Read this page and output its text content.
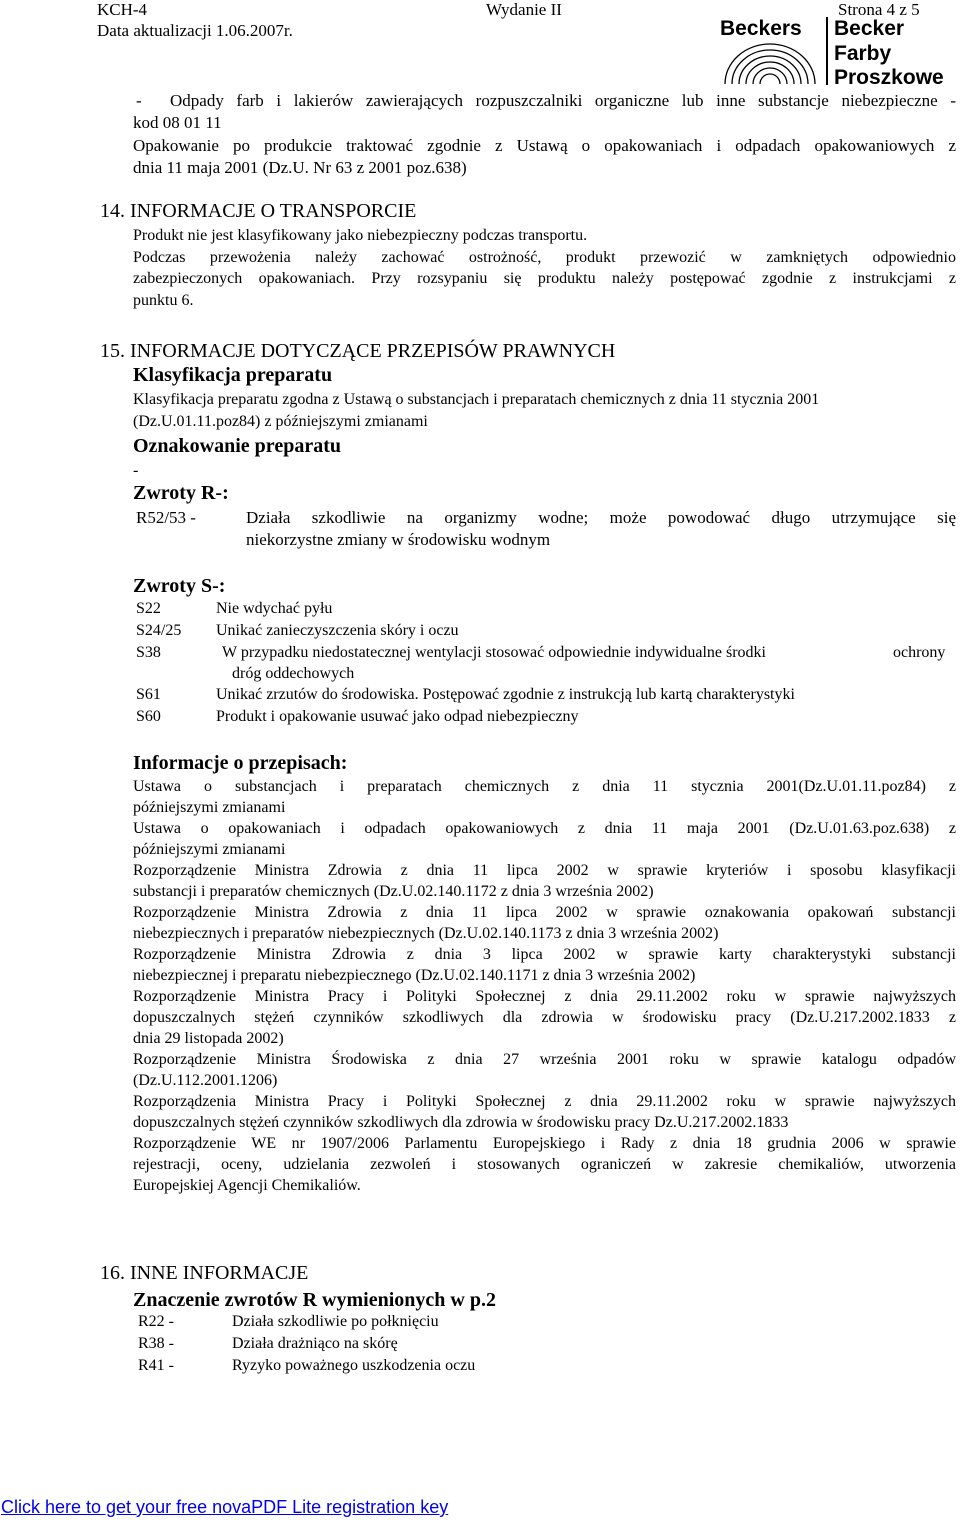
KCH-4	Wydanie II	Strona 4 z 5
Data aktualizacji 1.06.2007r.	Beckers Becker
Farby
Proszkowe
- Odpady farb i lakierów zawierających rozpuszczalniki organiczne lub inne substancje niebezpieczne -
kod 08 01 11
Opakowanie po produkcie traktować zgodnie z Ustawą o opakowaniach i odpadach opakowaniowych z
dnia 11 maja 2001 (Dz.U. Nr 63 z 2001 poz.638)
14. INFORMACJE O TRANSPORCIE
Produkt nie jest klasyfikowany jako niebezpieczny podczas transportu.
Podczas przewożenia należy zachować ostrożność, produkt przewozić w zamkniętych odpowiednio
zabezpieczonych opakowaniach. Przy rozsypaniu się produktu należy postępować zgodnie z instrukcjami z
punktu 6.
15. INFORMACJE DOTYCZĄCE PRZEPISÓW PRAWNYCH
Klasyfikacja preparatu
Klasyfikacja preparatu zgodna z Ustawą o substancjach i preparatach chemicznych z dnia 11 stycznia 2001
(Dz.U.01.11.poz84) z późniejszymi zmianami
Oznakowanie preparatu
-
Zwroty R-:
R52/53 -	Działa szkodliwie na organizmy wodne; może powodować długo utrzymujące się
niekorzystne zmiany w środowisku wodnym
Zwroty S-:
S22	Nie wdychać pyłu
S24/25 Unikać zanieczyszczenia skóry i oczu
S38	W przypadku niedostatecznej wentylacji stosować odpowiednie indywidualne środki	ochrony
dróg oddechowych
S61	Unikać zrzutów do środowiska. Postępować zgodnie z instrukcją lub kartą charakterystyki
S60	Produkt i opakowanie usuwać jako odpad niebezpieczny
Informacje o przepisach:

Ustawa o substancjach i preparatach chemicznych z dnia 11 stycznia 2001(Dz.U.01.11.poz84) z
późniejszymi zmianami

Ustawa o opakowaniach i odpadach opakowaniowych z dnia 11 maja 2001 (Dz.U.01.63.poz.638) z
późniejszymi zmianami

Rozporządzenie Ministra Zdrowia z dnia 11 lipca 2002 w sprawie kryteriów i sposobu klasyfikacji
substancji i preparatów chemicznych (Dz.U.02.140.1172 z dnia 3 września 2002)

Rozporządzenie Ministra Zdrowia z dnia 11 lipca 2002 w sprawie oznakowania opakowań substancji
niebezpiecznych i preparatów niebezpiecznych (Dz.U.02.140.1173 z dnia 3 września 2002)

Rozporządzenie Ministra Zdrowia z dnia 3 lipca 2002 w sprawie karty charakterystyki substancji
niebezpiecznej i preparatu niebezpiecznego (Dz.U.02.140.1171 z dnia 3 września 2002)

Rozporządzenie Ministra Pracy i Polityki Społecznej z dnia 29.11.2002 roku w sprawie najwyższych
dopuszczalnych stężeń czynników szkodliwych dla zdrowia w środowisku pracy (Dz.U.217.2002.1833 z
dnia 29 listopada 2002)

Rozporządzenie Ministra Środowiska z dnia 27 września 2001 roku w sprawie katalogu odpadów
(Dz.U.112.2001.1206)

Rozporządzenia Ministra Pracy i Polityki Społecznej z dnia 29.11.2002 roku w sprawie najwyższych
dopuszczalnych stężeń czynników szkodliwych dla zdrowia w środowisku pracy Dz.U.217.2002.1833

Rozporządzenie WE nr 1907/2006 Parlamentu Europejskiego i Rady z dnia 18 grudnia 2006 w sprawie
rejestracji, oceny, udzielania zezwoleń i stosowanych ograniczeń w zakresie chemikaliów, utworzenia
Europejskiej Agencji Chemikaliów.

16. INNE INFORMACJE
Znaczenie zwrotów R wymienionych w p.2
R22 -	Działa szkodliwie po połknięciu
R38 -	Działa drażniąco na skórę
R41 -	Ryzyko poważnego uszkodzenia oczu
Click here to get your free novaPDF Lite registration key
